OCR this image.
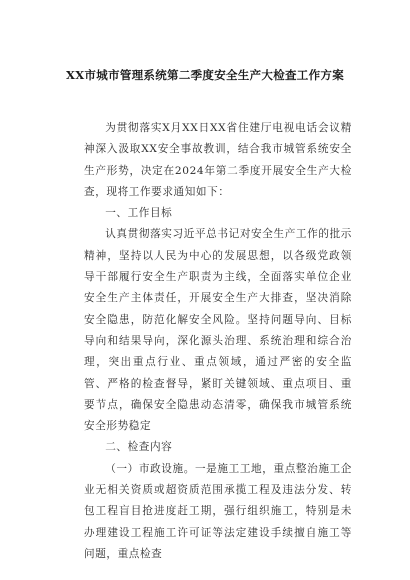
XX市城市管理系统第二季度安全生产大检查工作方案

为贯彻落实X月XX日XX省住建厅电视电话会议精神深入汲取XX安全事故教训，结合我市城管系统安全生产形势，决定在2024年第二季度开展安全生产大检查，现将工作要求通知如下：

一、工作目标

认真贯彻落实习近平总书记对安全生产工作的批示精神，坚持以人民为中心的发展思想，以各级党政领导干部履行安全生产职责为主线，全面落实单位企业安全生产主体责任，开展安全生产大排查，坚决消除安全隐患，防范化解安全风险。坚持问题导向、目标导向和结果导向，深化源头治理、系统治理和综合治理，突出重点行业、重点领域，通过严密的安全监管、严格的检查督导，紧盯关键领域、重点项目、重要节点，确保安全隐患动态清零，确保我市城管系统安全形势稳定

二、检查内容

（一）市政设施。一是施工工地，重点整治施工企业无相关资质或超资质范围承揽工程及违法分发、转包工程盲目抢进度赶工期，强行组织施工，特别是未办理建设工程施工许可证等法定建设手续擅自施工等问题，重点检查
